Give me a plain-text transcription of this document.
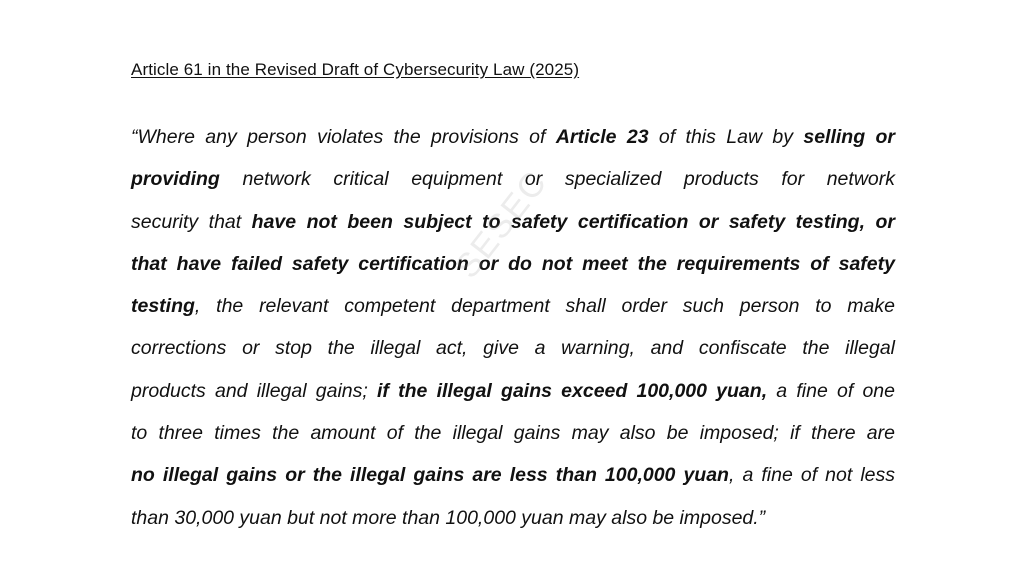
Article 61 in the Revised Draft of Cybersecurity Law (2025)
“Where any person violates the provisions of Article 23 of this Law by selling or
providing network critical equipment or specialized products for network
security that have not been subject to safety certification or safety testing, or
that have failed safety certification or do not meet the requirements of safety
testing, the relevant competent department shall order such person to make
corrections or stop the illegal act, give a warning, and confiscate the illegal
products and illegal gains; if the illegal gains exceed 100,000 yuan, a fine of one
to three times the amount of the illegal gains may also be imposed; if there are
no illegal gains or the illegal gains are less than 100,000 yuan, a fine of not less
than 30,000 yuan but not more than 100,000 yuan may also be imposed.”
SESEC
